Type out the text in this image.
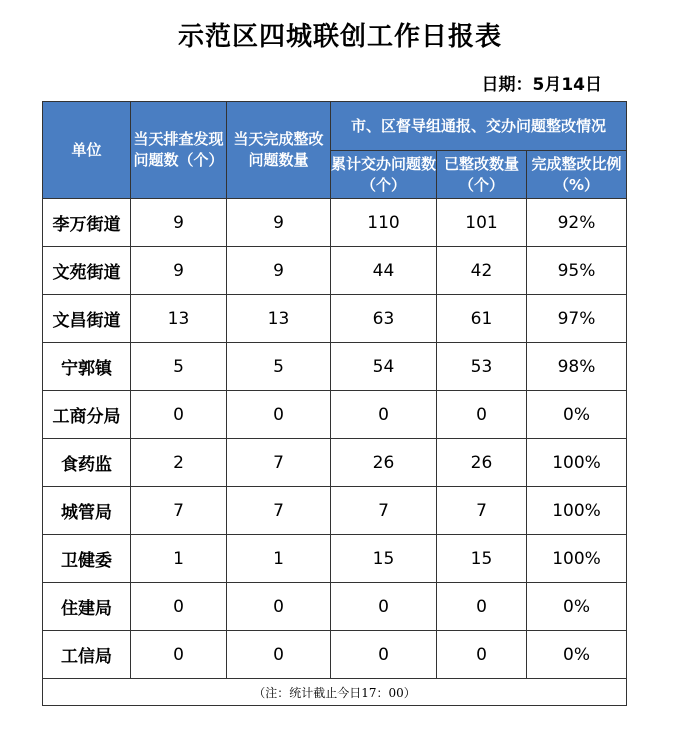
示范区四城联创工作日报表
日期：5月14日
单位	当天排查发现问题数（个）	当天完成整改问题数量	市、区督导组通报、交办问题整改情况		
			累计交办问题数（个）	已整改数量（个）	完成整改比例（%）
李万街道	9	9	110	101	92%
文苑街道	9	9	44	42	95%
文昌街道	13	13	63	61	97%
宁郭镇	5	5	54	53	98%
工商分局	0	0	0	0	0%
食药监	2	7	26	26	100%
城管局	7	7	7	7	100%
卫健委	1	1	15	15	100%
住建局	0	0	0	0	0%
工信局	0	0	0	0	0%
（注：统计截止今日17：00）					
